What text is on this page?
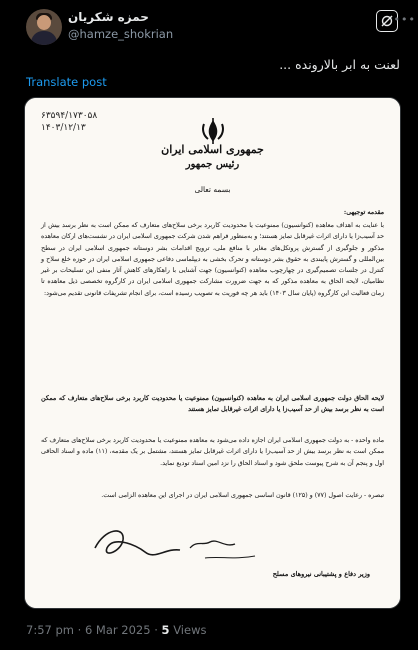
حمزه شکریان
@hamze_shokrian
•••
لعنت به ابر بالارونده ...
Translate post
۶۳۵۹۴/۱۷۳۰۵۸
۱۴۰۳/۱۲/۱۳
جمهوری اسلامی ایران
رئیس جمهور
بسمه تعالی
مقدمه توجیهی:
با عنایت به اهداف معاهده (کنوانسیون) ممنوعیت یا محدودیت کاربرد برخی سلاح‌های متعارف که ممکن است به نظر برسد بیش از حد آسیب‌زا یا دارای اثرات غیرقابل تمایز هستند؛ و به‌منظور فراهم شدن شرکت جمهوری اسلامی ایران در نشست‌های ارکان معاهده مذکور و جلوگیری از گسترش پروتکل‌های مغایر با منافع ملی، ترویج اقدامات بشر دوستانه جمهوری اسلامی ایران در سطح بین‌المللی و گسترش پایبندی به حقوق بشر دوستانه و تحرک بخشی به دیپلماسی دفاعی جمهوری اسلامی ایران در حوزه خلع سلاح و کنترل در جلسات تصمیم‌گیری در چهارچوب معاهده (کنوانسیون) جهت آشنایی با راهکارهای کاهش آثار منفی این تسلیحات بر غیر نظامیان، لایحه الحاق به معاهده مذکور که به جهت ضرورت مشارکت جمهوری اسلامی ایران در کارگروه تخصصی ذیل معاهده تا زمان فعالیت این کارگروه (پایان سال ۱۴۰۳) باید هر چه فوریت به تصویب رسیده است، برای انجام تشریفات قانونی تقدیم می‌شود:
لایحه الحاق دولت جمهوری اسلامی ایران به معاهده (کنوانسیون) ممنوعیت یا محدودیت کاربرد برخی سلاح‌های متعارف که ممکن است به نظر برسد بیش از حد آسیب‌زا یا دارای اثرات غیرقابل تمایز هستند
ماده واحده - به دولت جمهوری اسلامی ایران اجازه داده می‌شود به معاهده ممنوعیت یا محدودیت کاربرد برخی سلاح‌های متعارف که ممکن است به نظر برسد بیش از حد آسیب‌زا یا دارای اثرات غیرقابل تمایز هستند، مشتمل بر یک مقدمه، (۱۱) ماده و اسناد الحاقی اول و پنجم آن به شرح پیوست ملحق شود و اسناد الحاق را نزد امین اسناد تودیع نماید.
تبصره - رعایت اصول (۷۷) و (۱۲۵) قانون اساسی جمهوری اسلامی ایران در اجرای این معاهده الزامی است.
وزیر دفاع و پشتیبانی نیروهای مسلح
7:57 pm · 6 Mar 2025 · 5 Views
